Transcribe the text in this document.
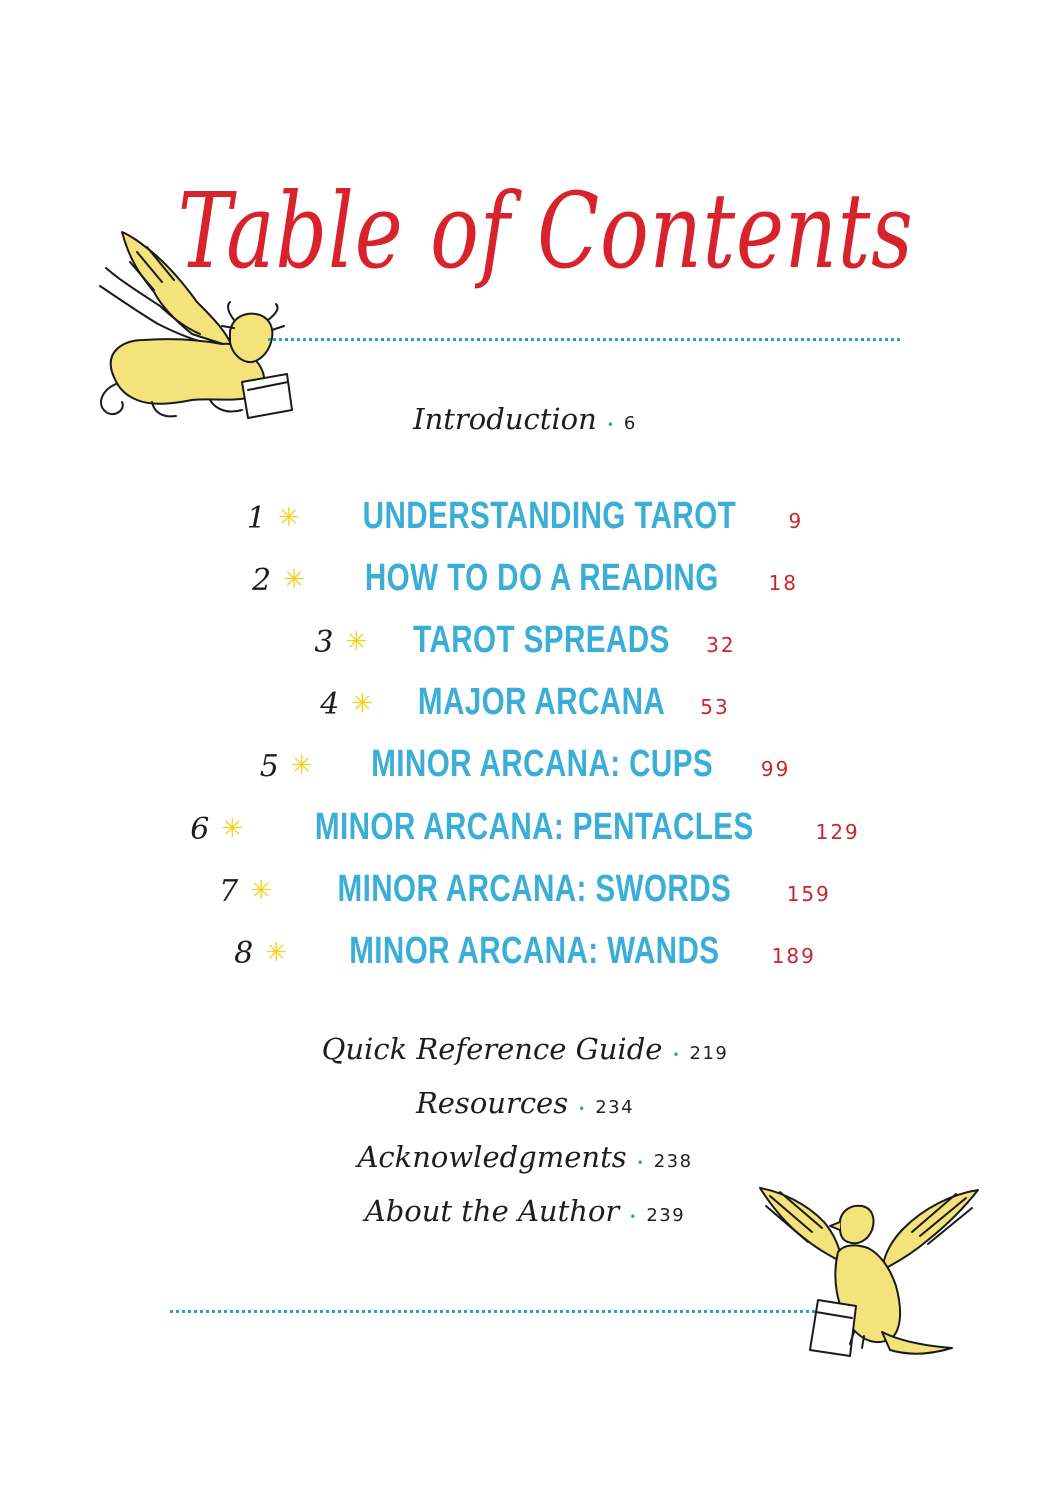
Table of Contents
Introduction • 6
1 ✳ UNDERSTANDING TAROT	9
2 ✳ HOW TO DO A READING 18
3 ✳ TAROT SPREADS 32
4 ✳ MAJOR ARCANA 53
5 ✳ MINOR ARCANA: CUPS 99
6 ✳ MINOR ARCANA: PENTACLES	129
7 ✳ MINOR ARCANA: SWORDS	159
8 ✳ MINOR ARCANA: WANDS	189
Quick Reference Guide • 219
Resources • 234
Acknowledgments • 238
About the Author • 239
